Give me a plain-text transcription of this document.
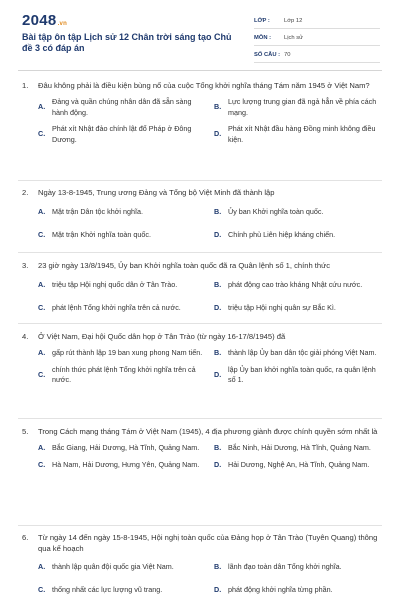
2048.vn
Bài tập ôn tập Lịch sử 12 Chân trời sáng tạo Chủ đề 3 có đáp án
LỚP :	Lớp 12
MÔN :	Lịch sử
SỐ CÂU : 70
1.	Đâu không phải là điều kiện bùng nổ của cuộc Tổng khởi nghĩa tháng Tám năm 1945 ở Việt Nam?
A.
Đảng và quần chúng nhân dân đã sẵn sàng hành động.
B.
Lực lượng trung gian đã ngả hẳn về phía cách mạng.
C.
Phát xít Nhật đảo chính lật đổ Pháp ở Đông Dương.
D.
Phát xít Nhật đầu hàng Đồng minh không điều kiện.
2.	Ngày 13-8-1945, Trung ương Đảng và Tổng bộ Việt Minh đã thành lập
A. Mặt trận Dân tộc khởi nghĩa.	B. Ủy ban Khởi nghĩa toàn quốc.
C. Mặt trận Khởi nghĩa toàn quốc.	D. Chính phủ Liên hiệp kháng chiến.
3.	23 giờ ngày 13/8/1945, Ủy ban Khởi nghĩa toàn quốc đã ra Quân lệnh số 1, chính thức
A. triệu tập Hội nghị quốc dân ở Tân Trào.	B. phát động cao trào kháng Nhật cứu nước.
C. phát lệnh Tổng khởi nghĩa trên cả nước.	D. triệu tập Hội nghị quân sự Bắc Kì.
4.	Ở Việt Nam, Đại hội Quốc dân họp ở Tân Trào (từ ngày 16-17/8/1945) đã
A. gấp rút thành lập 19 ban xung phong Nam tiến.	B. thành lập Ủy ban dân tộc giải phóng Việt Nam.
C.
chính thức phát lệnh Tổng khởi nghĩa trên cả nước.
D.
lập Ủy ban khởi nghĩa toàn quốc, ra quân lệnh số 1.
5.	Trong Cách mạng tháng Tám ở Việt Nam (1945), 4 địa phương giành được chính quyền sớm nhất là
A. Bắc Giang, Hải Dương, Hà Tĩnh, Quảng Nam.	B. Bắc Ninh, Hải Dương, Hà Tĩnh, Quảng Nam.
C. Hà Nam, Hải Dương, Hưng Yên, Quảng Nam.	D. Hải Dương, Nghệ An, Hà Tĩnh, Quảng Nam.
6.	Từ ngày 14 đến ngày 15-8-1945, Hội nghị toàn quốc của Đảng họp ở Tân Trào (Tuyên Quang) thông qua kế hoạch
A. thành lập quân đội quốc gia Việt Nam.	B. lãnh đạo toàn dân Tổng khởi nghĩa.
C. thống nhất các lực lượng vũ trang.	D. phát động khởi nghĩa từng phần.
